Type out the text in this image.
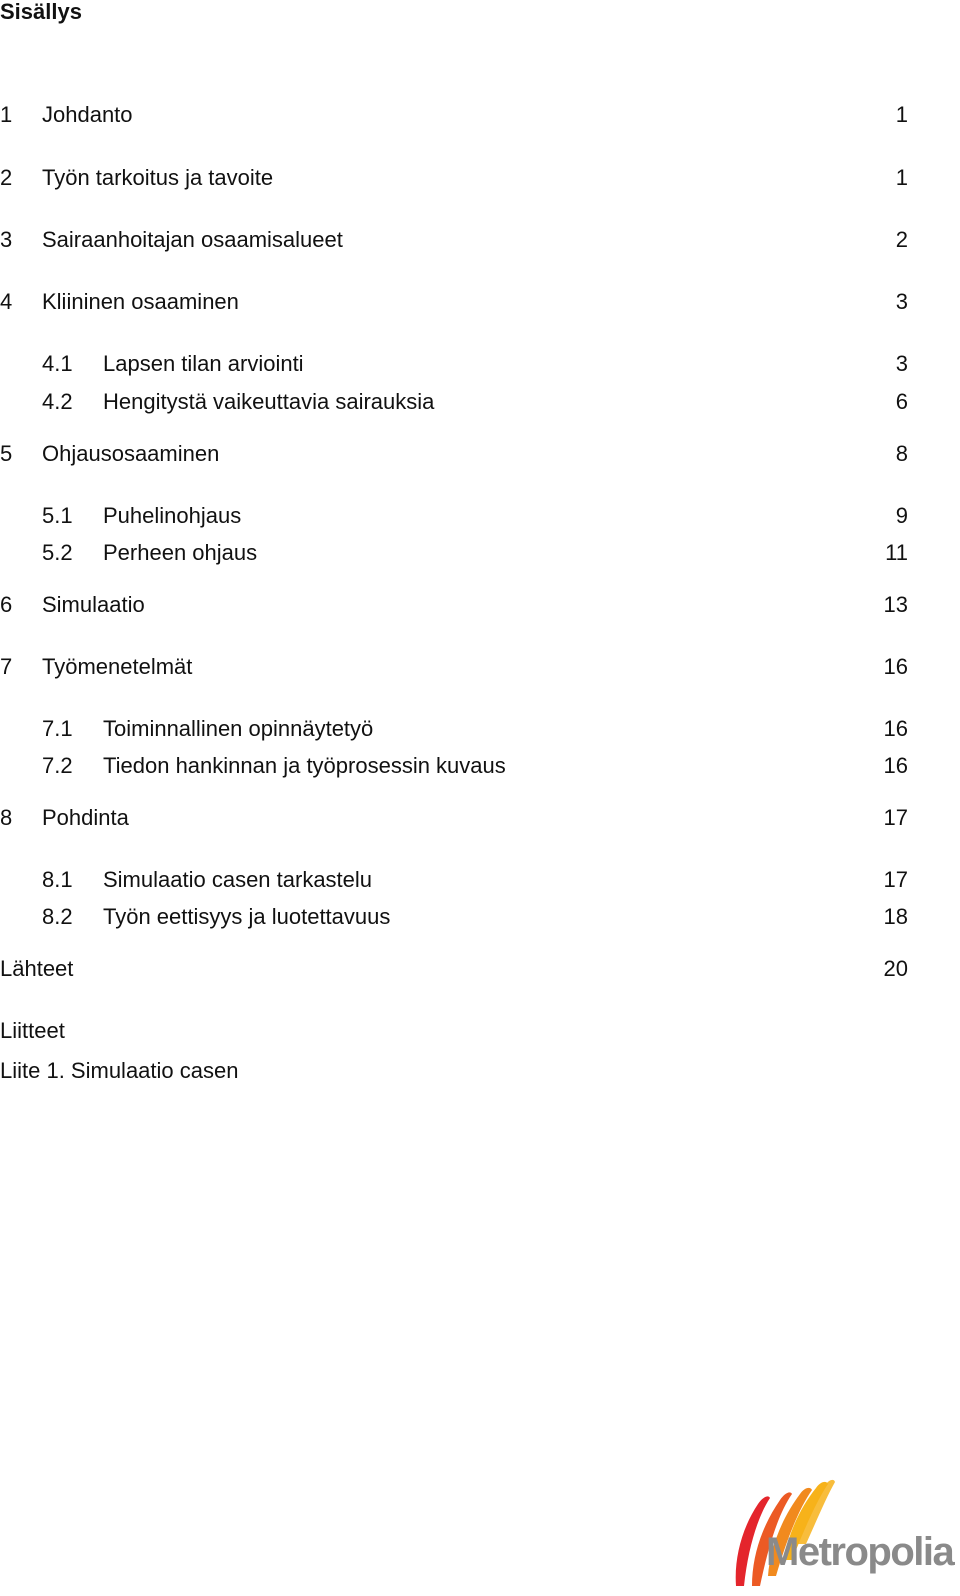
Sisällys
1 Johdanto	1
2 Työn tarkoitus ja tavoite	1
3 Sairaanhoitajan osaamisalueet	2
4 Kliininen osaaminen	3
4.1 Lapsen tilan arviointi	3
4.2 Hengitystä vaikeuttavia sairauksia	6
5 Ohjausosaaminen	8
5.1 Puhelinohjaus	9
5.2 Perheen ohjaus	11
6 Simulaatio	13
7 Työmenetelmät	16
7.1 Toiminnallinen opinnäytetyö	16
7.2 Tiedon hankinnan ja työprosessin kuvaus	16
8 Pohdinta	17
8.1 Simulaatio casen tarkastelu	17
8.2 Työn eettisyys ja luotettavuus	18
Lähteet	20
Liitteet
Liite 1. Simulaatio casen
Metropolia
